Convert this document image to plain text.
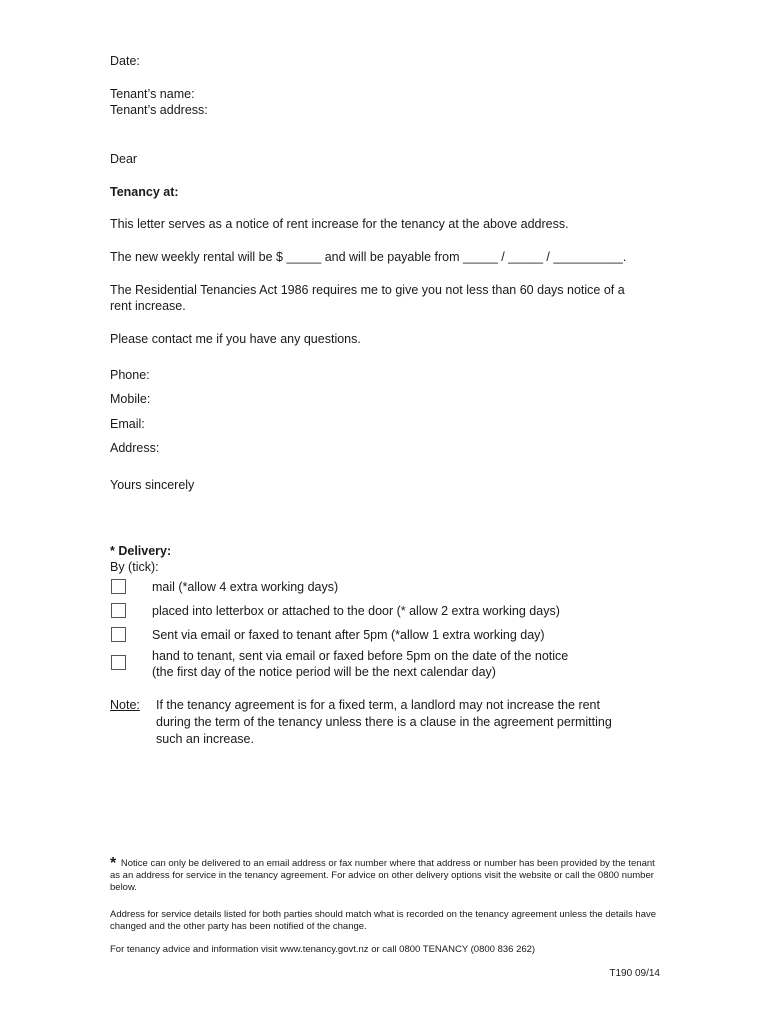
Date:
Tenant’s name:
Tenant’s address:
Dear
Tenancy at:
This letter serves as a notice of rent increase for the tenancy at the above address.
The new weekly rental will be $ _____ and will be payable from _____ / _____ / __________.
The Residential Tenancies Act 1986 requires me to give you not less than 60 days notice of a
rent increase.
Please contact me if you have any questions.
Phone:
Mobile:
Email:
Address:
Yours sincerely
* Delivery:
By (tick):
mail (*allow 4 extra working days)
placed into letterbox or attached to the door (* allow 2 extra working days)
Sent via email or faxed to tenant after 5pm (*allow 1 extra working day)
hand to tenant, sent via email or faxed before 5pm on the date of the notice
(the first day of the notice period will be the next calendar day)
Note: If the tenancy agreement is for a fixed term, a landlord may not increase the rent
during the term of the tenancy unless there is a clause in the agreement permitting
such an increase.
* Notice can only be delivered to an email address or fax number where that address or number has been provided by the tenant as an address for service in the tenancy agreement. For advice on other delivery options visit the website or call the 0800 number below.
Address for service details listed for both parties should match what is recorded on the tenancy agreement unless the details have changed and the other party has been notified of the change.
For tenancy advice and information visit www.tenancy.govt.nz or call 0800 TENANCY (0800 836 262)
T190 09/14
